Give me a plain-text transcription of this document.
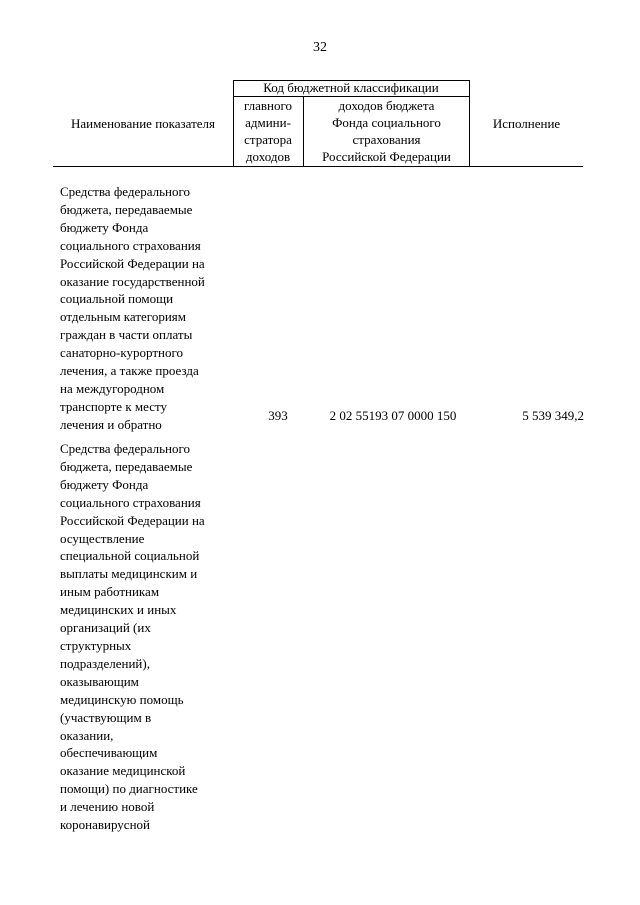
32
Наименование показателя
Код бюджетной классификации
главного
админи-
стратора
доходов
доходов бюджета
Фонда социального
страхования
Российской Федерации
Исполнение
Средства федерального
бюджета, передаваемые
бюджету Фонда
социального страхования
Российской Федерации на
оказание государственной
социальной помощи
отдельным категориям
граждан в части оплаты
санаторно-курортного
лечения, а также проезда
на междугородном
транспорте к месту
лечения и обратно
393	2 02 55193 07 0000 150	5 539 349,2
Средства федерального
бюджета, передаваемые
бюджету Фонда
социального страхования
Российской Федерации на
осуществление
специальной социальной
выплаты медицинским и
иным работникам
медицинских и иных
организаций (их
структурных
подразделений),
оказывающим
медицинскую помощь
(участвующим в
оказании,
обеспечивающим
оказание медицинской
помощи) по диагностике
и лечению новой
коронавирусной
